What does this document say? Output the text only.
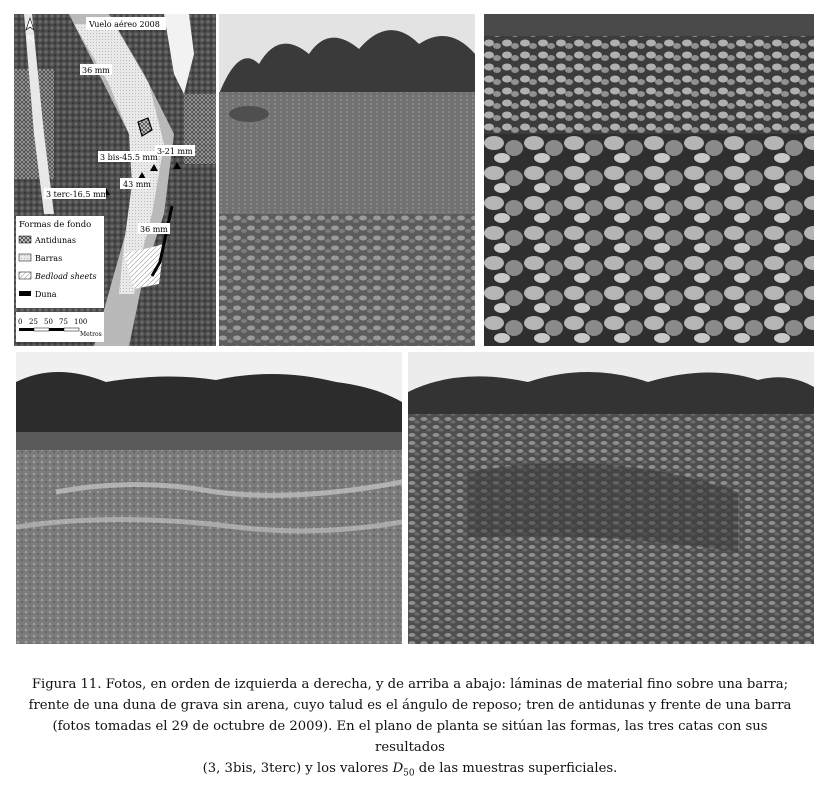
N
Vuelo aéreo 2008
36 mm
3-21 mm
3 bis-45.5 mm
43 mm
3 terc-16.5 mm
36 mm
Formas de fondo
Antidunas
Barras
Bedload sheets
Duna
0 25 50 75 100
Metros

Figura 11. Fotos, en orden de izquierda a derecha, y de arriba a abajo: láminas de material fino sobre una barra;
frente de una duna de grava sin arena, cuyo talud es el ángulo de reposo; tren de antidunas y frente de una barra
(fotos tomadas el 29 de octubre de 2009). En el plano de planta se sitúan las formas, las tres catas con sus resultados
(3, 3bis, 3terc) y los valores $D_{50}$ de las muestras superficiales.
